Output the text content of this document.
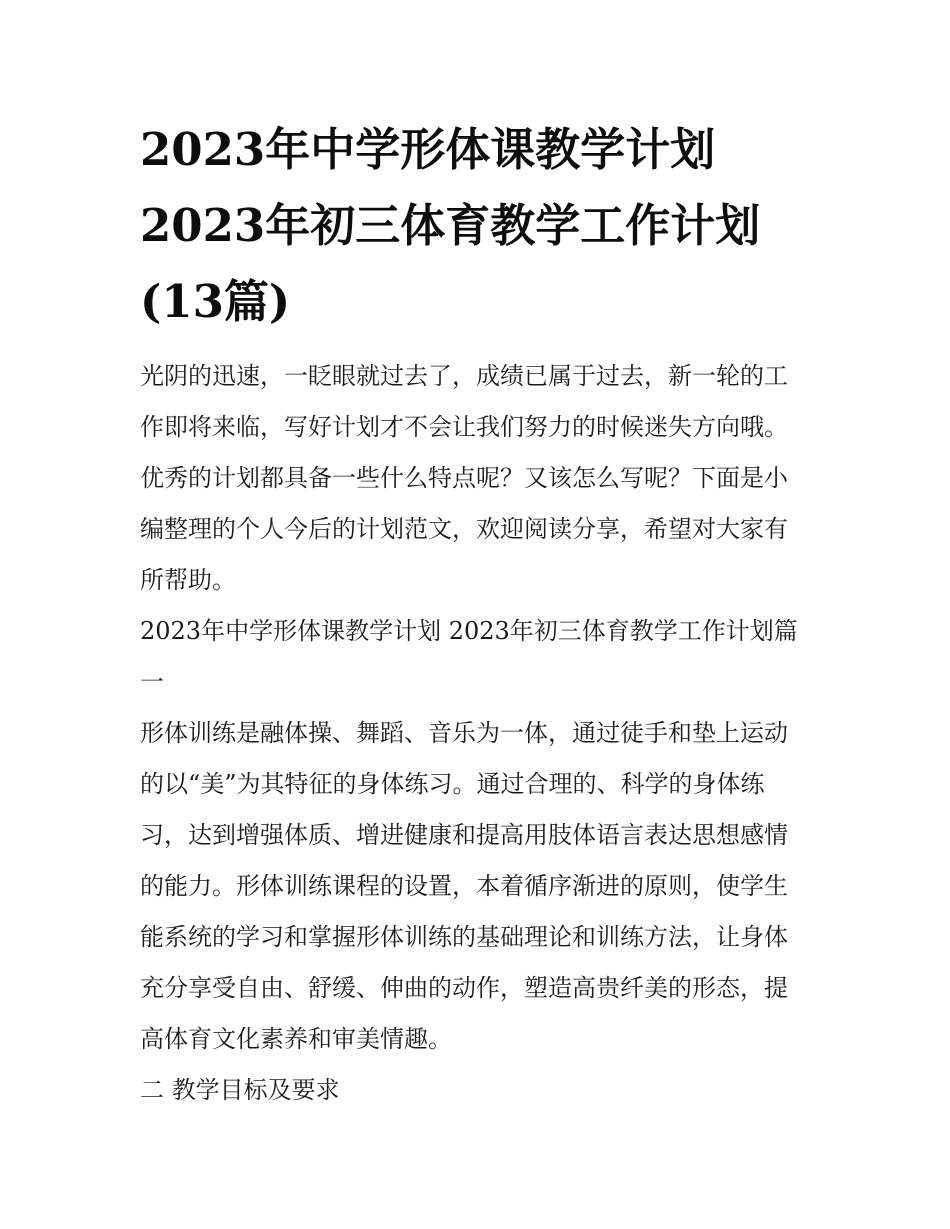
2023年中学形体课教学计划
2023年初三体育教学工作计划
(13篇)

光阴的迅速，一眨眼就过去了，成绩已属于过去，新一轮的工
作即将来临，写好计划才不会让我们努力的时候迷失方向哦。
优秀的计划都具备一些什么特点呢？又该怎么写呢？下面是小
编整理的个人今后的计划范文，欢迎阅读分享，希望对大家有
所帮助。

2023年中学形体课教学计划 2023年初三体育教学工作计划篇
一

形体训练是融体操、舞蹈、音乐为一体，通过徒手和垫上运动
的以“美”为其特征的身体练习。通过合理的、科学的身体练
习，达到增强体质、增进健康和提高用肢体语言表达思想感情
的能力。形体训练课程的设置，本着循序渐进的原则，使学生
能系统的学习和掌握形体训练的基础理论和训练方法，让身体
充分享受自由、舒缓、伸曲的动作，塑造高贵纤美的形态，提
高体育文化素养和审美情趣。

二 教学目标及要求
